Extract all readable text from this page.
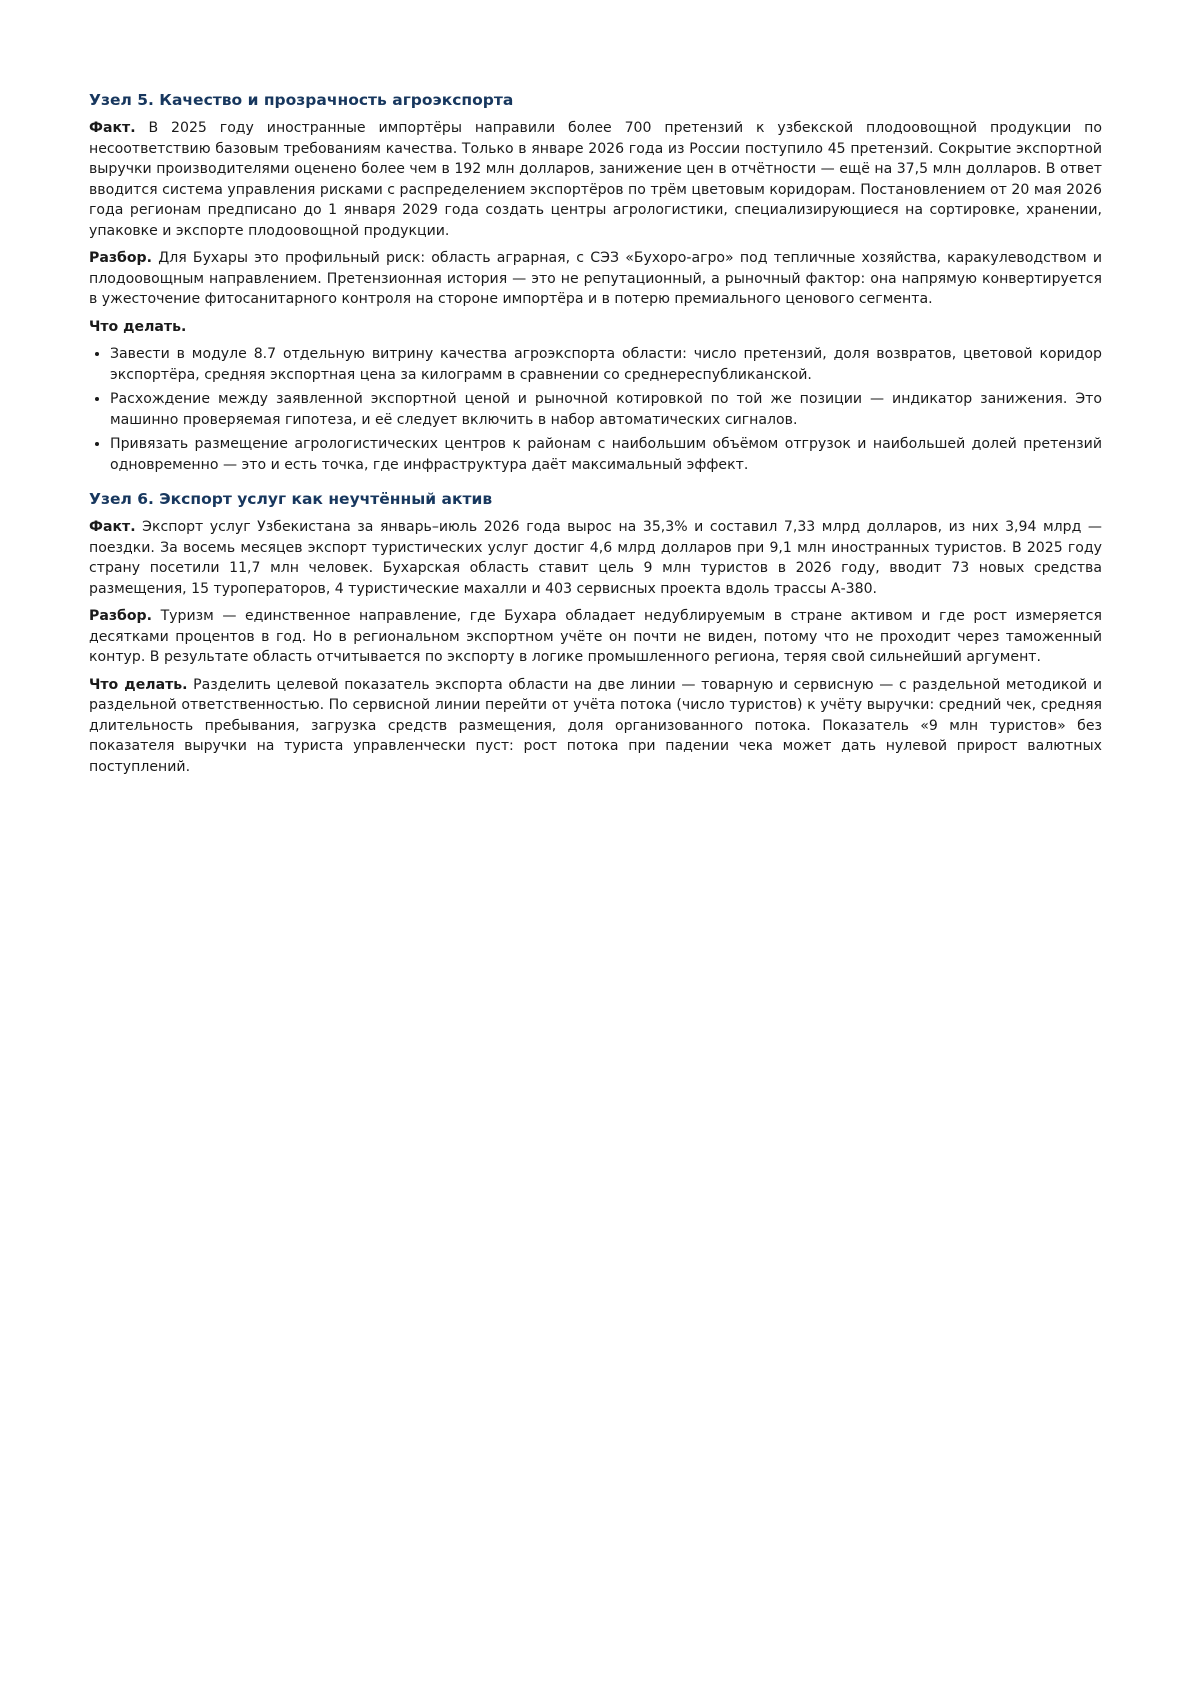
Узел 5. Качество и прозрачность агроэкспорта

Факт. В 2025 году иностранные импортёры направили более 700 претензий к узбекской плодоовощной продукции по несоответствию базовым требованиям качества. Только в январе 2026 года из России поступило 45 претензий. Сокрытие экспортной выручки производителями оценено более чем в 192 млн долларов, занижение цен в отчётности — ещё на 37,5 млн долларов. В ответ вводится система управления рисками с распределением экспортёров по трём цветовым коридорам. Постановлением от 20 мая 2026 года регионам предписано до 1 января 2029 года создать центры агрологистики, специализирующиеся на сортировке, хранении, упаковке и экспорте плодоовощной продукции.

Разбор. Для Бухары это профильный риск: область аграрная, с СЭЗ «Бухоро-агро» под тепличные хозяйства, каракулеводством и плодоовощным направлением. Претензионная история — это не репутационный, а рыночный фактор: она напрямую конвертируется в ужесточение фитосанитарного контроля на стороне импортёра и в потерю премиального ценового сегмента.

Что делать.
• Завести в модуле 8.7 отдельную витрину качества агроэкспорта области: число претензий, доля возвратов, цветовой коридор экспортёра, средняя экспортная цена за килограмм в сравнении со среднереспубликанской.
• Расхождение между заявленной экспортной ценой и рыночной котировкой по той же позиции — индикатор занижения. Это машинно проверяемая гипотеза, и её следует включить в набор автоматических сигналов.
• Привязать размещение агрологистических центров к районам с наибольшим объёмом отгрузок и наибольшей долей претензий одновременно — это и есть точка, где инфраструктура даёт максимальный эффект.
Узел 6. Экспорт услуг как неучтённый актив

Факт. Экспорт услуг Узбекистана за январь–июль 2026 года вырос на 35,3% и составил 7,33 млрд долларов, из них 3,94 млрд — поездки. За восемь месяцев экспорт туристических услуг достиг 4,6 млрд долларов при 9,1 млн иностранных туристов. В 2025 году страну посетили 11,7 млн человек. Бухарская область ставит цель 9 млн туристов в 2026 году, вводит 73 новых средства размещения, 15 туроператоров, 4 туристические махалли и 403 сервисных проекта вдоль трассы А-380.

Разбор. Туризм — единственное направление, где Бухара обладает недублируемым в стране активом и где рост измеряется десятками процентов в год. Но в региональном экспортном учёте он почти не виден, потому что не проходит через таможенный контур. В результате область отчитывается по экспорту в логике промышленного региона, теряя свой сильнейший аргумент.

Что делать. Разделить целевой показатель экспорта области на две линии — товарную и сервисную — с раздельной методикой и раздельной ответственностью. По сервисной линии перейти от учёта потока (число туристов) к учёту выручки: средний чек, средняя длительность пребывания, загрузка средств размещения, доля организованного потока. Показатель «9 млн туристов» без показателя выручки на туриста управленчески пуст: рост потока при падении чека может дать нулевой прирост валютных поступлений.
